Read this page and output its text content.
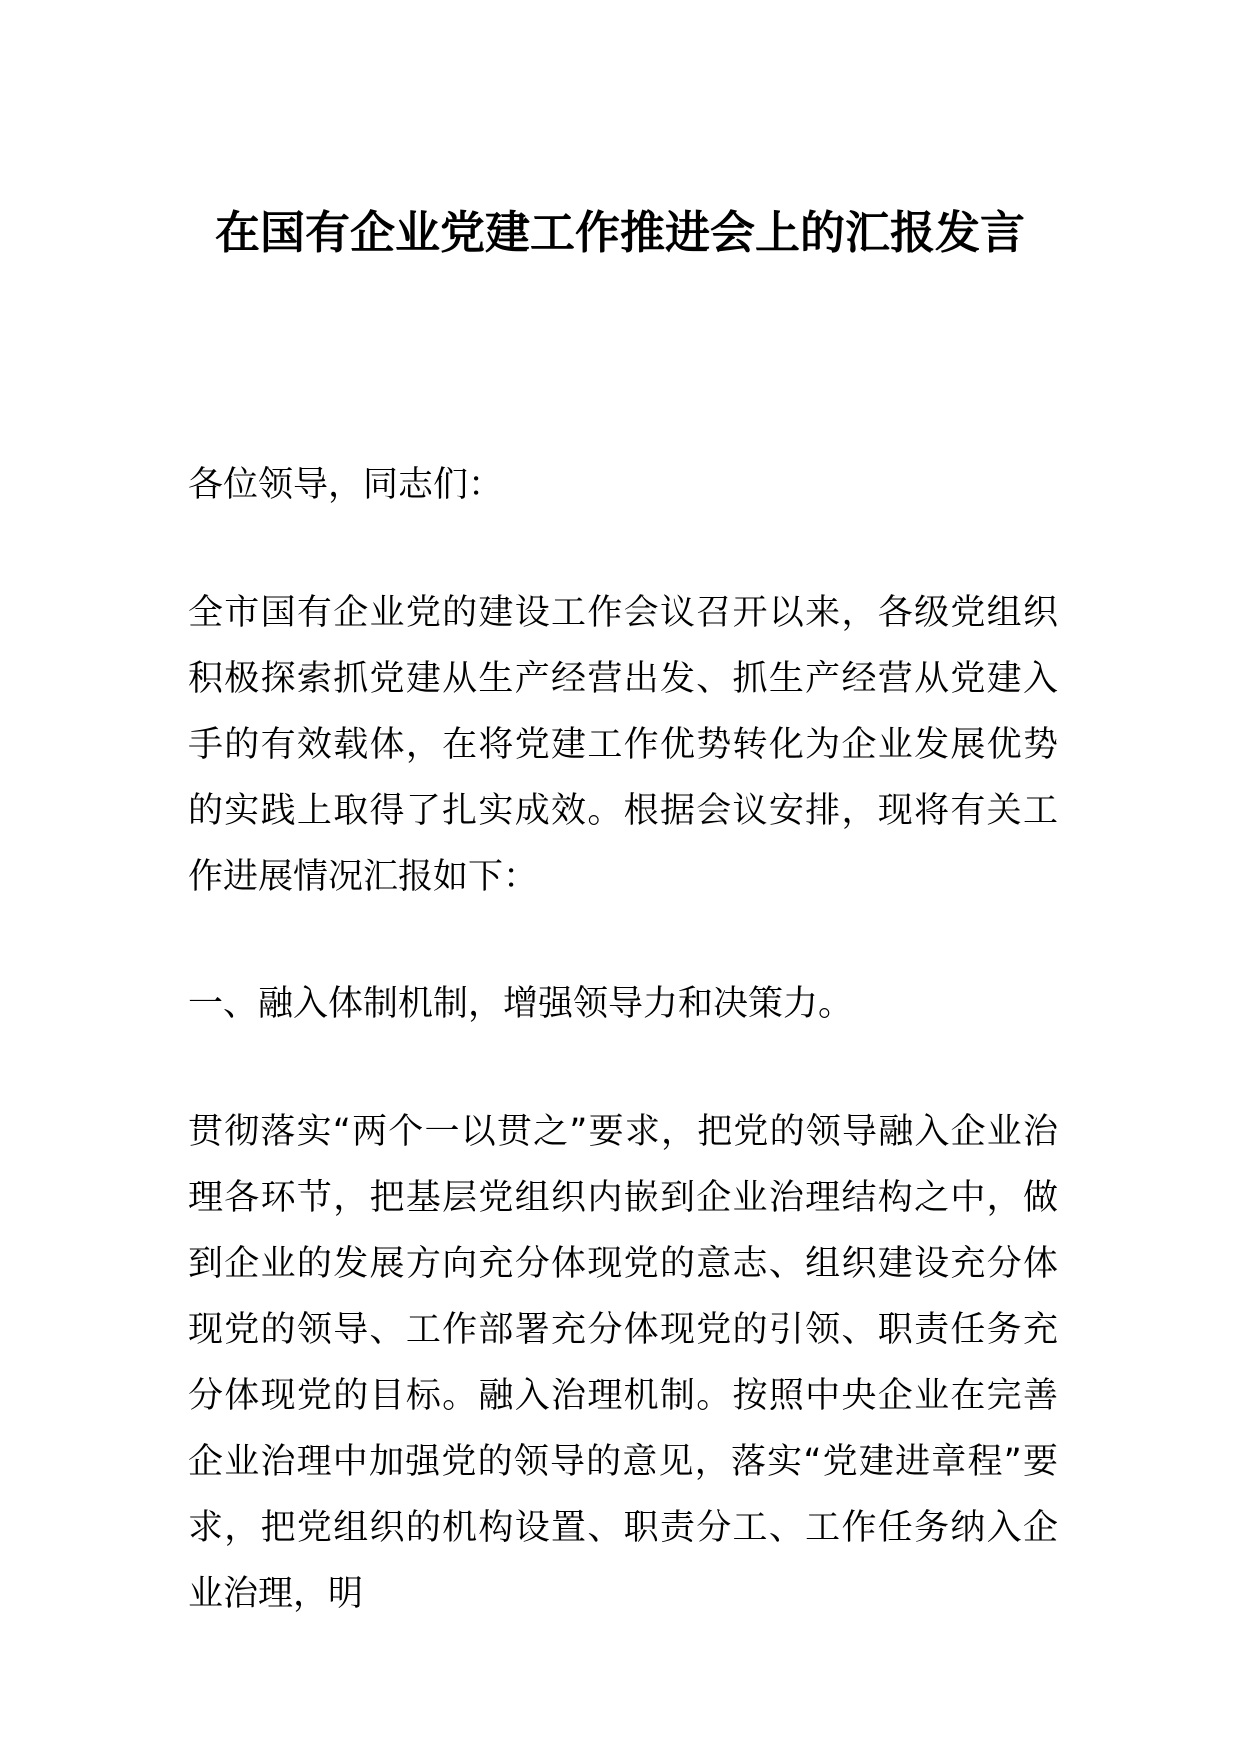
在国有企业党建工作推进会上的汇报发言

各位领导，同志们：

全市国有企业党的建设工作会议召开以来，各级党组织积极探索抓党建从生产经营出发、抓生产经营从党建入手的有效载体，在将党建工作优势转化为企业发展优势的实践上取得了扎实成效。根据会议安排，现将有关工作进展情况汇报如下：

一、融入体制机制，增强领导力和决策力。

贯彻落实“两个一以贯之”要求，把党的领导融入企业治理各环节，把基层党组织内嵌到企业治理结构之中，做到企业的发展方向充分体现党的意志、组织建设充分体现党的领导、工作部署充分体现党的引领、职责任务充分体现党的目标。融入治理机制。按照中央企业在完善企业治理中加强党的领导的意见，落实“党建进章程”要求，把党组织的机构设置、职责分工、工作任务纳入企业治理，明
